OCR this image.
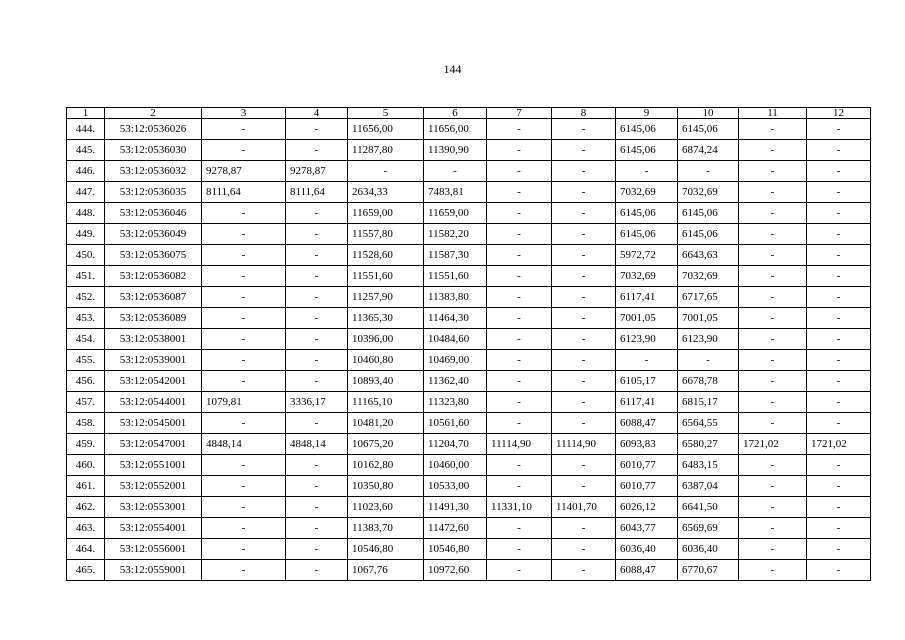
144
1	2	3	4	5	6	7	8	9	10	11	12
444.	53:12:0536026	-	-	11656,00	11656,00	-	-	6145,06	6145,06	-	-
445.	53:12:0536030	-	-	11287,80	11390,90	-	-	6145,06	6874,24	-	-
446.	53:12:0536032	9278,87	9278,87	-	-	-	-	-	-	-	-
447.	53:12:0536035	8111,64	8111,64	2634,33	7483,81	-	-	7032,69	7032,69	-	-
448.	53:12:0536046	-	-	11659,00	11659,00	-	-	6145,06	6145,06	-	-
449.	53:12:0536049	-	-	11557,80	11582,20	-	-	6145,06	6145,06	-	-
450.	53:12:0536075	-	-	11528,60	11587,30	-	-	5972,72	6643,63	-	-
451.	53:12:0536082	-	-	11551,60	11551,60	-	-	7032,69	7032,69	-	-
452.	53:12:0536087	-	-	11257,90	11383,80	-	-	6117,41	6717,65	-	-
453.	53:12:0536089	-	-	11365,30	11464,30	-	-	7001,05	7001,05	-	-
454.	53:12:0538001	-	-	10396,00	10484,60	-	-	6123,90	6123,90	-	-
455.	53:12:0539001	-	-	10460,80	10469,00	-	-	-	-	-	-
456.	53:12:0542001	-	-	10893,40	11362,40	-	-	6105,17	6678,78	-	-
457.	53:12:0544001	1079,81	3336,17	11165,10	11323,80	-	-	6117,41	6815,17	-	-
458.	53:12:0545001	-	-	10481,20	10561,60	-	-	6088,47	6564,55	-	-
459.	53:12:0547001	4848,14	4848,14	10675,20	11204,70	11114,90	11114,90	6093,83	6580,27	1721,02	1721,02
460.	53:12:0551001	-	-	10162,80	10460,00	-	-	6010,77	6483,15	-	-
461.	53:12:0552001	-	-	10350,80	10533,00	-	-	6010,77	6387,04	-	-
462.	53:12:0553001	-	-	11023,60	11491,30	11331,10	11401,70	6026,12	6641,50	-	-
463.	53:12:0554001	-	-	11383,70	11472,60	-	-	6043,77	6569,69	-	-
464.	53:12:0556001	-	-	10546,80	10546,80	-	-	6036,40	6036,40	-	-
465.	53:12:0559001	-	-	1067,76	10972,60	-	-	6088,47	6770,67	-	-
